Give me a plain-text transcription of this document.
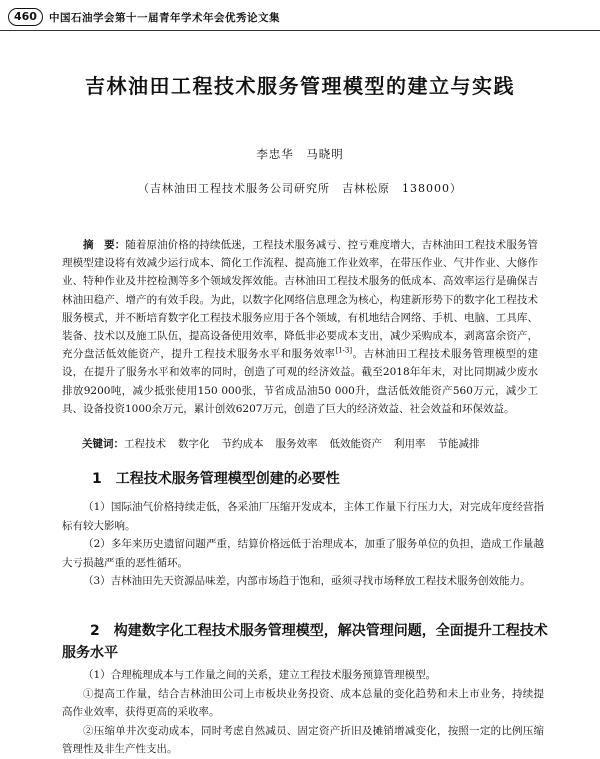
460	中国石油学会第十一届青年学术年会优秀论文集
吉林油田工程技术服务管理模型的建立与实践

李忠华　马晓明

（吉林油田工程技术服务公司研究所　吉林松原　138000）

摘　要：随着原油价格的持续低迷，工程技术服务减亏、控亏难度增大，吉林油田工程技术服务管理模型建设将有效减少运行成本、简化工作流程、提高施工作业效率，在带压作业、气井作业、大修作业、特种作业及井控检测等多个领域发挥效能。吉林油田工程技术服务的低成本、高效率运行是确保吉林油田稳产、增产的有效手段。为此，以数字化网络信息理念为核心，构建新形势下的数字化工程技术服务模式，并不断培育数字化工程技术服务应用于各个领域，有机地结合网络、手机、电脑、工具库、装备、技术以及施工队伍，提高设备使用效率，降低非必要成本支出，减少采购成本，剥离富余资产，充分盘活低效能资产，提升工程技术服务水平和服务效率[1-3]。吉林油田工程技术服务管理模型的建设，在提升了服务水平和效率的同时，创造了可观的经济效益。截至2018年年末，对比同期减少废水排放9200吨，减少抵张使用150 000张，节省成品油50 000升，盘活低效能资产560万元，减少工具、设备投资1000余万元，累计创效6207万元，创造了巨大的经济效益、社会效益和环保效益。

关键词：工程技术 数字化 节约成本 服务效率 低效能资产 利用率 节能减排

1　工程技术服务管理模型创建的必要性

（1）国际油气价格持续走低，各采油厂压缩开发成本，主体工作量下行压力大，对完成年度经营指标有较大影响。

（2）多年来历史遗留问题严重，结算价格远低于治理成本，加重了服务单位的负担，造成工作量越大亏损越严重的恶性循环。

（3）吉林油田先天资源品味差，内部市场趋于饱和，亟须寻找市场释放工程技术服务创效能力。

2　构建数字化工程技术服务管理模型，解决管理问题，全面提升工程技术服务水平

（1）合理梳理成本与工作量之间的关系，建立工程技术服务预算管理模型。

①提高工作量，结合吉林油田公司上市板块业务投资、成本总量的变化趋势和未上市业务，持续提高作业效率，获得更高的采收率。

②压缩单井次变动成本，同时考虑自然减员、固定资产折旧及摊销增减变化，按照一定的比例压缩管理性及非生产性支出。
